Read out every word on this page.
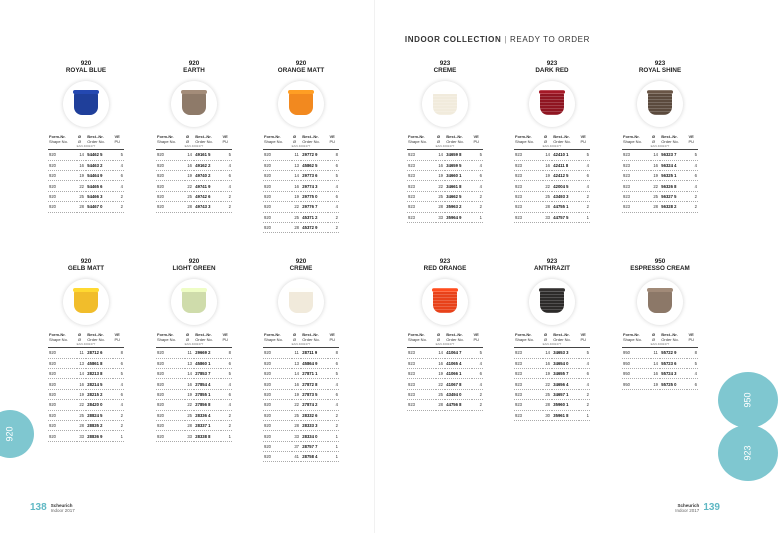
INDOOR COLLECTION | READY TO ORDER
920
ROYAL BLUE
Form-Nr.	Ø	Best.-Nr.	VE
Shape No.	Ø	Order No.	PU
EAN 4002477			
920	14	54462 5	5
920	16	54463 2	4
920	19	54464 9	6
920	22	54465 6	4
920	25	54466 3	2
920	28	54467 0	2
920
EARTH
Form-Nr.	Ø	Best.-Nr.	VE
Shape No.	Ø	Order No.	PU
EAN 4002477			
920	14	49161 5	5
920	16	49162 2	4
920	19	49740 2	6
920	22	49741 9	4
920	25	49742 6	2
920	28	49743 3	2
920
ORANGE MATT
Form-Nr.	Ø	Best.-Nr.	VE
Shape No.	Ø	Order No.	PU
EAN 4002477			
920	11	29772 9	8
920	13	45862 5	6
920	14	29773 6	5
920	16	29774 3	4
920	19	29775 0	6
920	22	29776 7	4
920	25	45371 2	2
920	28	45372 9	2
923
CREME
Form-Nr.	Ø	Best.-Nr.	VE
Shape No.	Ø	Order No.	PU
EAN 4002477			
923	14	34659 8	5
923	16	34659 5	4
923	19	34660 1	6
923	22	34661 8	4
923	25	34662 5	2
923	28	35963 2	2
923	33	35964 9	1
923
DARK RED
Form-Nr.	Ø	Best.-Nr.	VE
Shape No.	Ø	Order No.	PU
EAN 4002477			
923	14	42410 1	5
923	16	42411 8	4
923	19	42412 5	6
923	22	42004 5	4
923	25	43493 3	2
923	28	44755 1	2
923	33	44757 5	1
923
ROYAL SHINE
Form-Nr.	Ø	Best.-Nr.	VE
Shape No.	Ø	Order No.	PU
EAN 4002477			
923	14	56323 7	5
923	16	56324 4	4
923	19	56325 1	6
923	22	56326 8	4
923	25	56327 5	2
923	28	56328 2	2
920
GELB MATT
Form-Nr.	Ø	Best.-Nr.	VE
Shape No.	Ø	Order No.	PU
EAN 4002477			
920	11	28712 6	8
920	13	45861 8	6
920	14	28213 8	5
920	16	28214 5	4
920	19	28215 2	6
920	22	28420 0	4
920	25	28824 5	2
920	28	28835 2	2
920	33	28836 9	1
920
LIGHT GREEN
Form-Nr.	Ø	Best.-Nr.	VE
Shape No.	Ø	Order No.	PU
EAN 4002477			
920	11	29669 2	8
920	13	45860 1	6
920	14	27853 7	5
920	16	27854 4	4
920	19	27855 1	6
920	22	27856 8	4
920	25	28336 4	2
920	28	28337 1	2
920	33	28338 8	1
920
CREME
Form-Nr.	Ø	Best.-Nr.	VE
Shape No.	Ø	Order No.	PU
EAN 4002477			
920	11	28711 9	8
920	13	45864 9	6
920	14	27871 1	5
920	16	27872 8	4
920	19	27873 5	6
920	22	27874 2	4
920	25	28332 6	2
920	28	28333 3	2
920	33	28334 0	1
920	37	28757 7	1
920	41	28758 4	1
923
RED ORANGE
Form-Nr.	Ø	Best.-Nr.	VE
Shape No.	Ø	Order No.	PU
EAN 4002477			
923	14	41064 7	5
923	16	41065 4	4
923	19	41066 1	6
923	22	41067 8	4
923	25	43494 0	2
923	28	44756 8	2
923
ANTHRAZIT
Form-Nr.	Ø	Best.-Nr.	VE
Shape No.	Ø	Order No.	PU
EAN 4002477			
923	14	34653 3	5
923	16	34654 0	4
923	19	34655 7	6
923	22	34656 4	4
923	25	34657 1	2
923	28	35960 1	2
923	30	35961 8	1
950
ESPRESSO CREAM
Form-Nr.	Ø	Best.-Nr.	VE
Shape No.	Ø	Order No.	PU
EAN 4002477			
950	11	55722 9	8
950	14	55723 6	5
950	16	55724 3	4
950	19	55725 0	6
920
950
923
138 Scheurich
Indoor 2017
Scheurich
Indoor 2017 139
